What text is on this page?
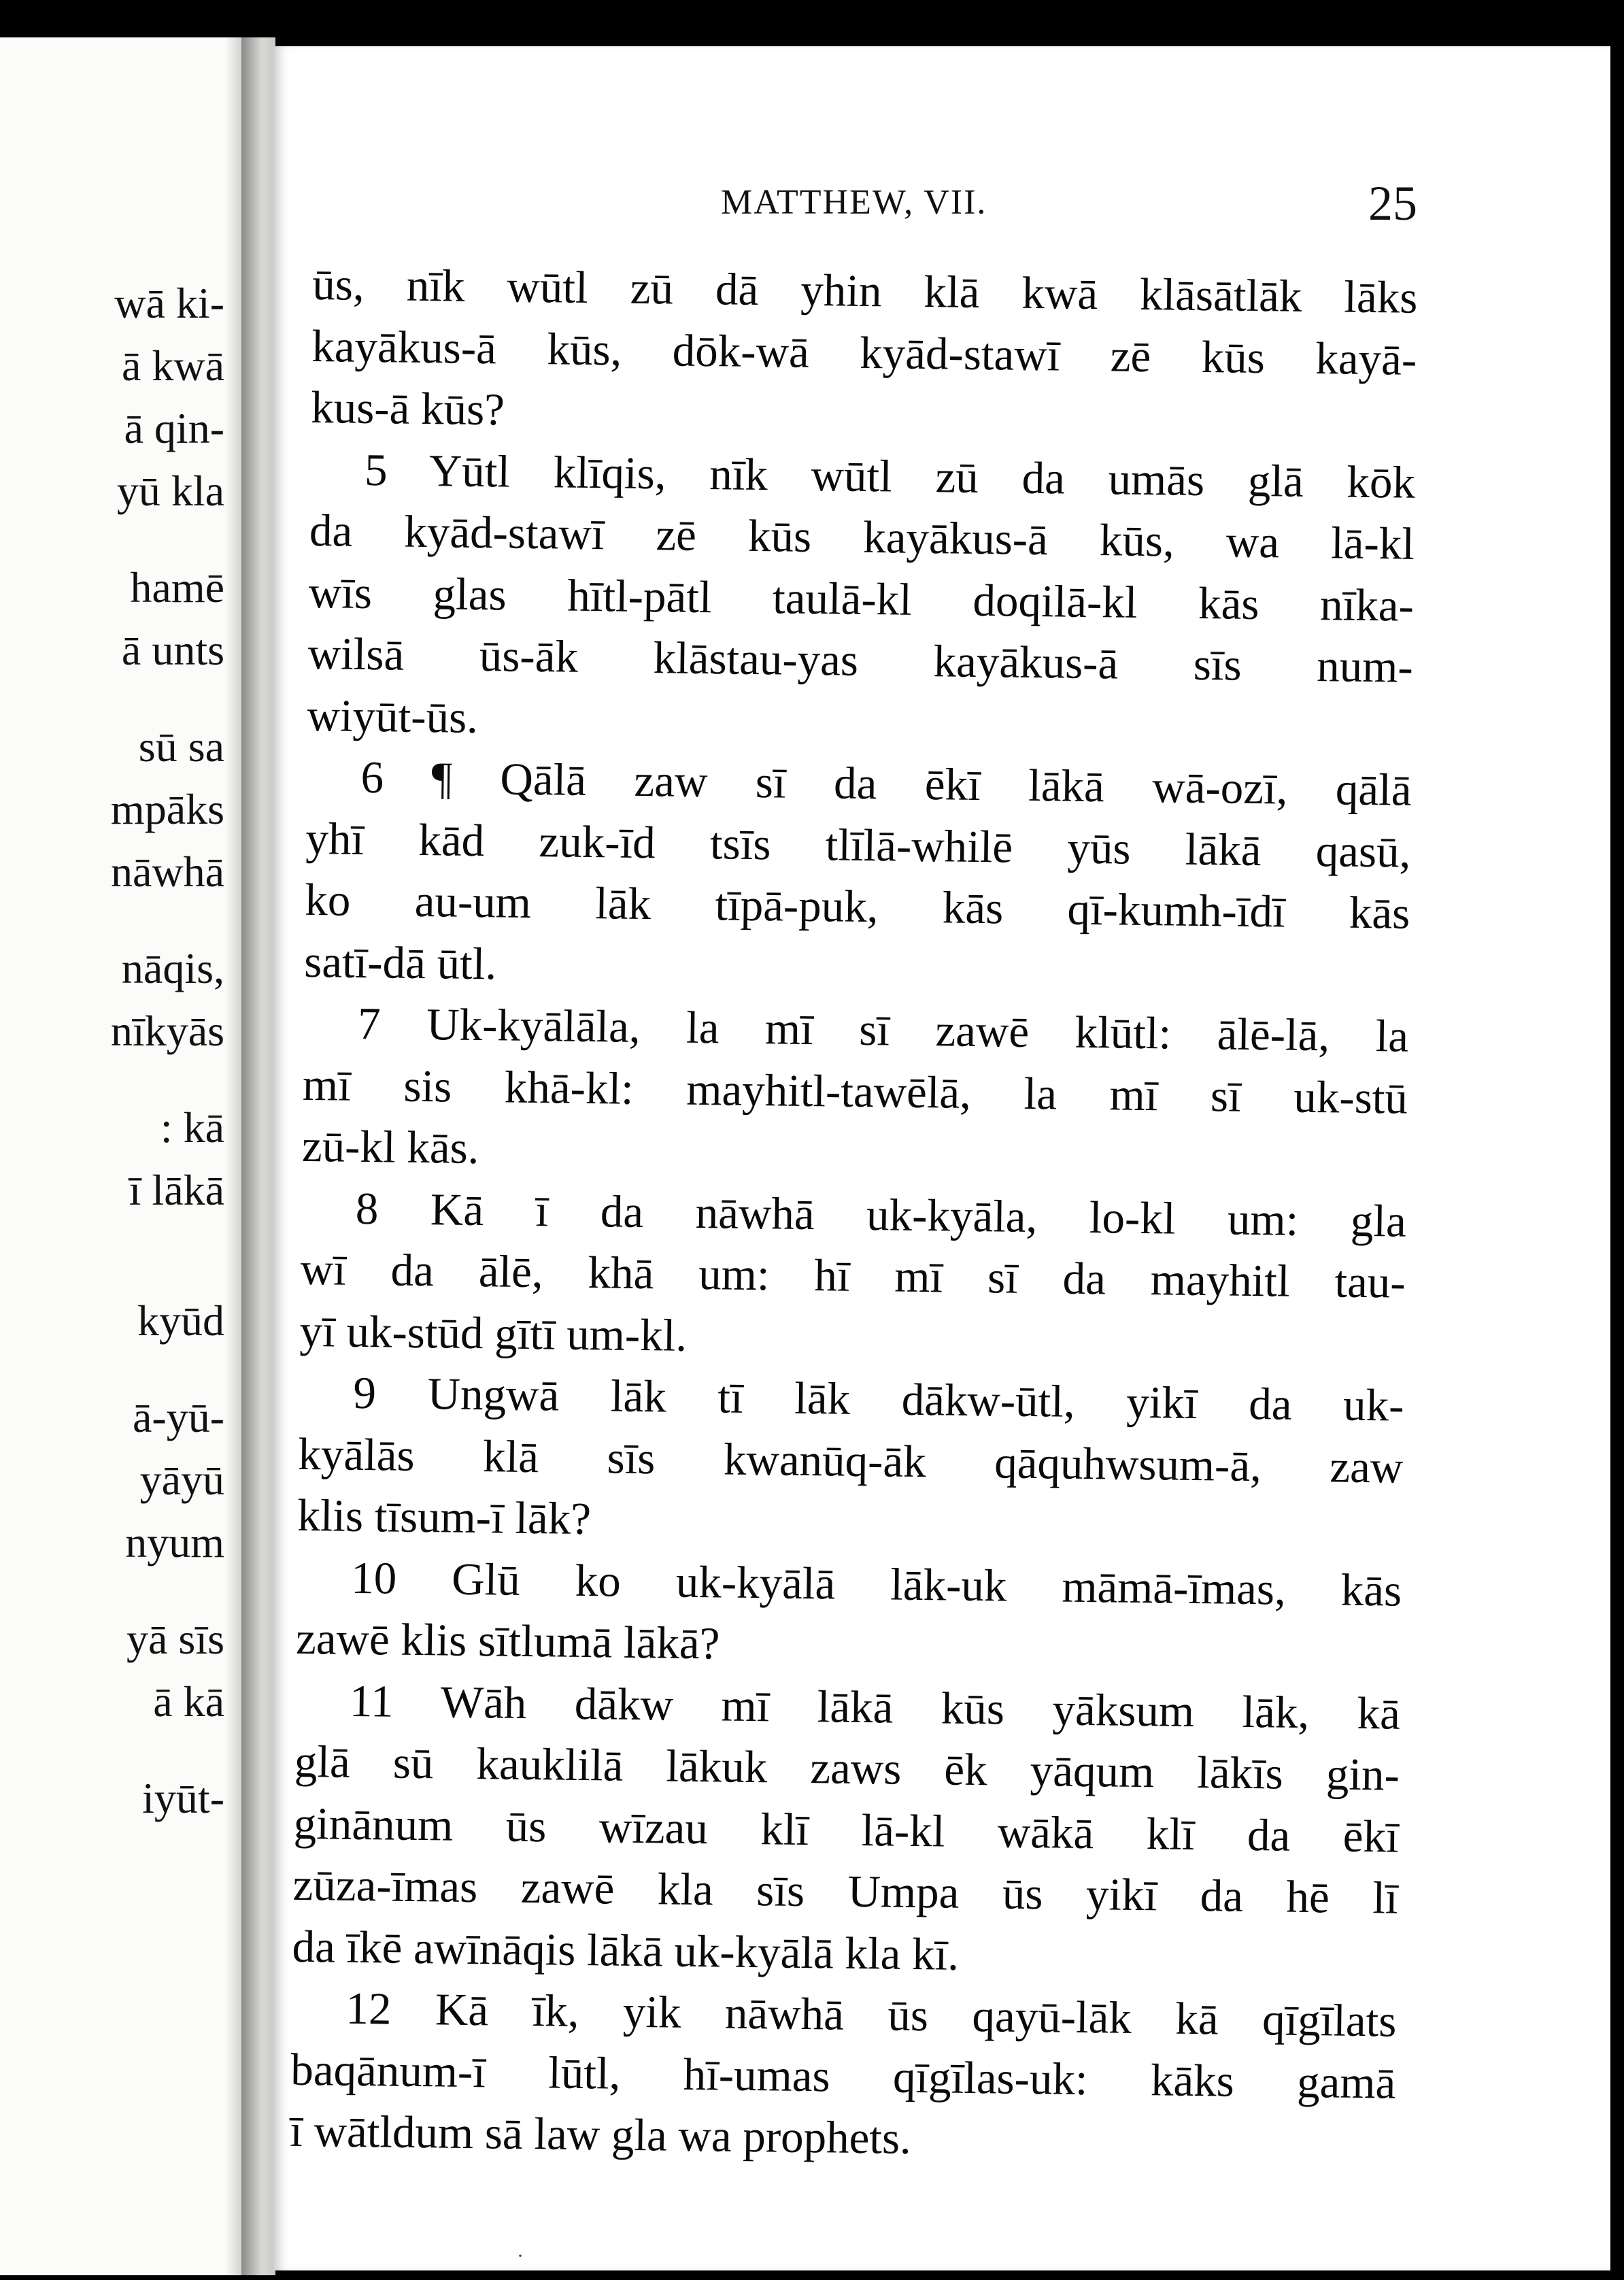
wā ki-
ā kwā
ā qin-
yū kla
hamē
ā unts
sū sa
mpāks
nāwhā
nāqis,
nīkyās
: kā
ī lākā
kyūd
ā-yū-
yāyū
nyum
yā sīs
ā kā
iyūt-
MATTHEW, VII.	25
ūs, nīk wūtl zū dā yhin klā kwā klāsātlāk lāks
kayākus-ā kūs, dōk-wā kyād-stawī zē kūs kayā-
kus-ā kūs?
5 Yūtl klīqis, nīk wūtl zū da umās glā kōk
da kyād-stawī zē kūs kayākus-ā kūs, wa lā-kl
wīs glas hītl-pātl taulā-kl doqilā-kl kās nīka-
wilsā ūs-āk klāstau-yas kayākus-ā sīs num-
wiyūt-ūs.
6 ¶ Qālā zaw sī da ēkī lākā wā-ozī, qālā
yhī kād zuk-īd tsīs tlīlā-whilē yūs lākā qasū,
ko au-um lāk tīpā-puk, kās qī-kumh-īdī kās
satī-dā ūtl.
7 Uk-kyālāla, la mī sī zawē klūtl: ālē-lā, la
mī sis khā-kl: mayhitl-tawēlā, la mī sī uk-stū
zū-kl kās.
8 Kā ī da nāwhā uk-kyāla, lo-kl um: gla
wī da ālē, khā um: hī mī sī da mayhitl tau-
yī uk-stūd gītī um-kl.
9 Ungwā lāk tī lāk dākw-ūtl, yikī da uk-
kyālās klā sīs kwanūq-āk qāquhwsum-ā, zaw
klis tīsum-ī lāk?
10 Glū ko uk-kyālā lāk-uk māmā-īmas, kās
zawē klis sītlumā lākā?
11 Wāh dākw mī lākā kūs yāksum lāk, kā
glā sū kauklilā lākuk zaws ēk yāqum lākīs gin-
ginānum ūs wīzau klī lā-kl wākā klī da ēkī
zūza-īmas zawē kla sīs Umpa ūs yikī da hē lī
da īkē awīnāqis lākā uk-kyālā kla kī.
12 Kā īk, yik nāwhā ūs qayū-lāk kā qīgīlats
baqānum-ī lūtl, hī-umas qīgīlas-uk: kāks gamā
ī wātldum sā law gla wa prophets.
·
